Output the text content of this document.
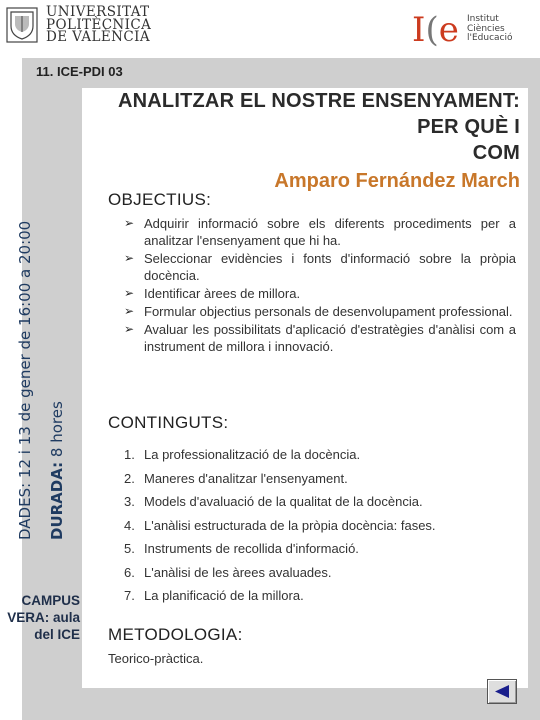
UNIVERSITAT
POLITÈCNICA
DE VALÈNCIA	I(e Institut
Ciències
l'Educació
11. ICE-PDI 03
ANALITZAR EL NOSTRE ENSENYAMENT: PER QUÈ I
COM
Amparo Fernández March
DADES: 12 i 13 de gener de 16:00 a 20:00 DURADA: 8 hores
CAMPUS VERA: aula del ICE
OBJECTIUS:
➢ Adquirir informació sobre els diferents procediments per a analitzar l'ensenyament que hi ha.
➢ Seleccionar evidències i fonts d'informació sobre la pròpia docència.
➢ Identificar àrees de millora.
➢ Formular objectius personals de desenvolupament professional.
➢ Avaluar les possibilitats d'aplicació d'estratègies d'anàlisi com a instrument de millora i innovació.
CONTINGUTS:
1. La professionalització de la docència.
2. Maneres d'analitzar l'ensenyament.
3. Models d'avaluació de la qualitat de la docència.
4. L'anàlisi estructurada de la pròpia docència: fases.
5. Instruments de recollida d'informació.
6. L'anàlisi de les àrees avaluades.
7. La planificació de la millora.
METODOLOGIA:
Teorico-pràctica.
